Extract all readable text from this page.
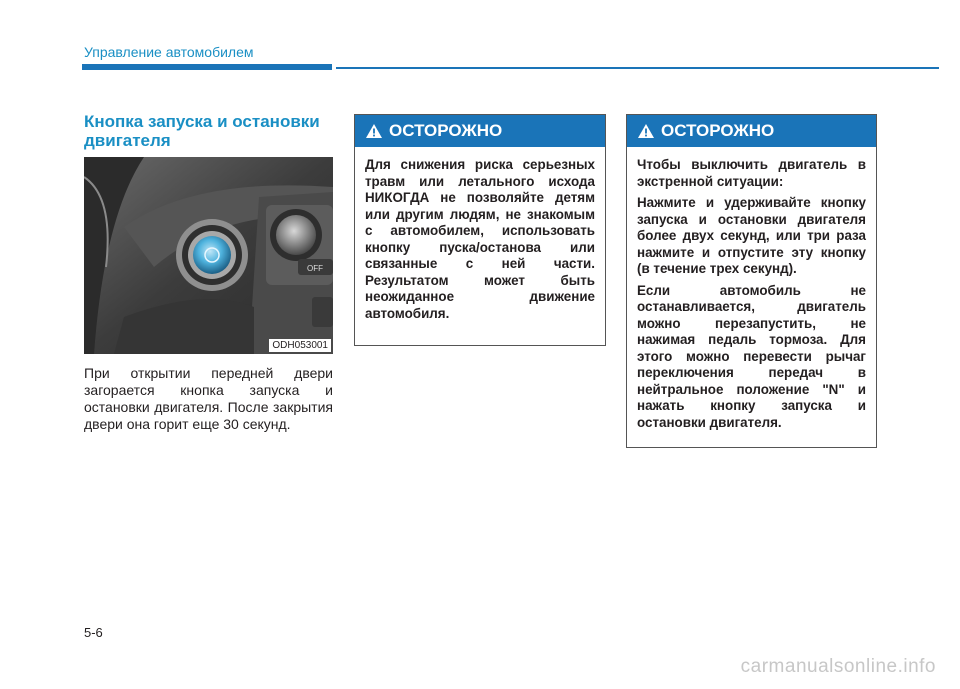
Управление автомобилем
Кнопка запуска и остановки двигателя
OFF
ODH053001
При открытии передней двери загорается кнопка запуска и остановки двигателя. После закрытия двери она горит еще 30 секунд.
ОСТОРОЖНО

Для снижения риска серьезных травм или летального исхода НИКОГДА не позволяйте детям или другим людям, не знакомым с автомобилем, использовать кнопку пуска/останова или связанные с ней части. Результатом может быть неожиданное движение автомобиля.

ОСТОРОЖНО

Чтобы выключить двигатель в экстренной ситуации:

Нажмите и удерживайте кнопку запуска и остановки двигателя более двух секунд, или три раза нажмите и отпустите эту кнопку (в течение трех секунд).

Если автомобиль не останавливается, двигатель можно перезапустить, не нажимая педаль тормоза. Для этого можно перевести рычаг переключения передач в нейтральное положение "N" и нажать кнопку запуска и остановки двигателя.

5-6
carmanualsonline.info
